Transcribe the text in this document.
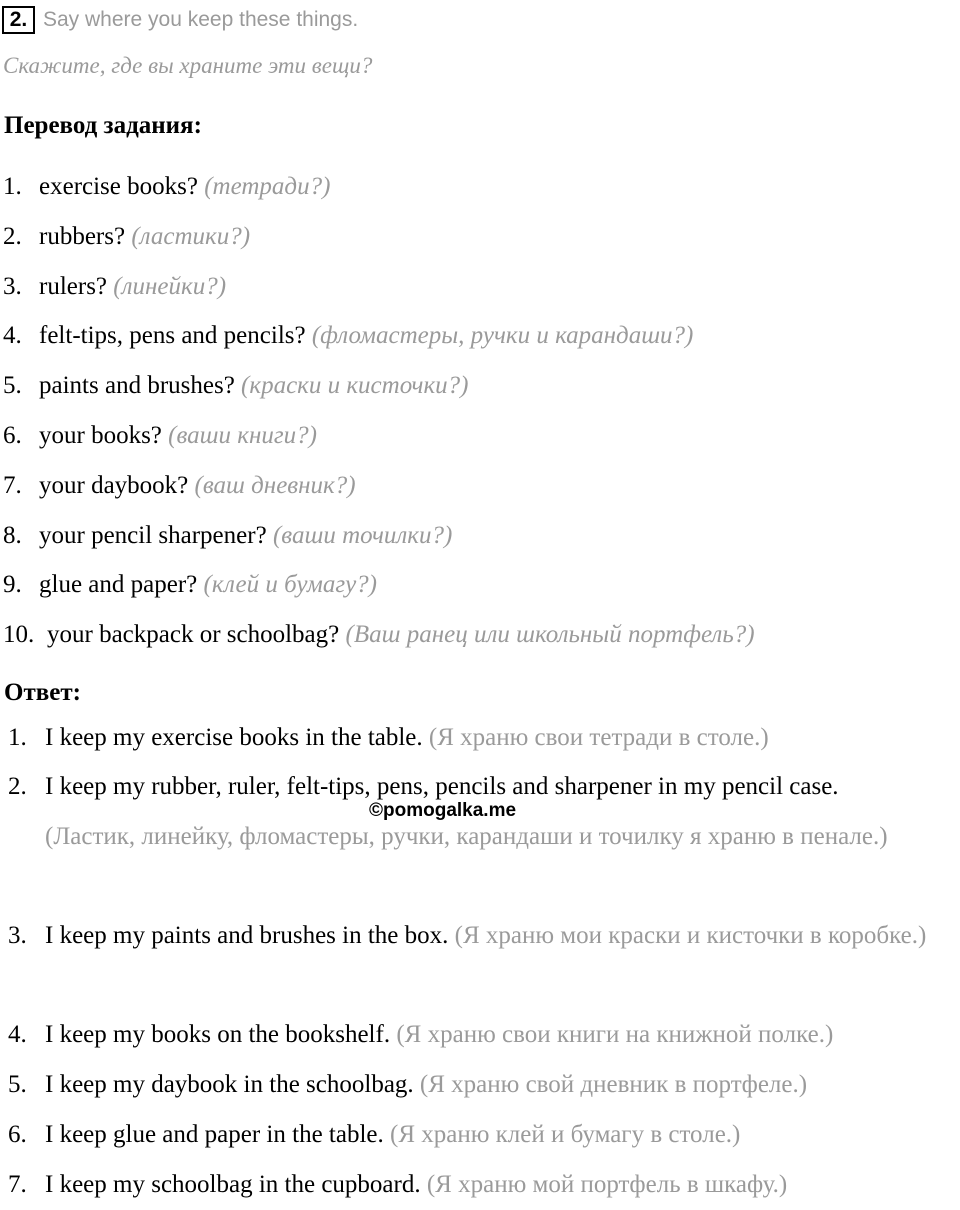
2. Say where you keep these things.
Скажите, где вы храните эти вещи?
Перевод задания:
1. exercise books? (тетради?)
2. rubbers? (ластики?)
3. rulers? (линейки?)
4. felt-tips, pens and pencils? (фломастеры, ручки и карандаши?)
5. paints and brushes? (краски и кисточки?)
6. your books? (ваши книги?)
7. your daybook? (ваш дневник?)
8. your pencil sharpener? (ваши точилки?)
9. glue and paper? (клей и бумагу?)
10. your backpack or schoolbag? (Ваш ранец или школьный портфель?)
Ответ:
1. I keep my exercise books in the table. (Я храню свои тетради в столе.)
2. I keep my rubber, ruler, felt-tips, pens, pencils and sharpener in my pencil case.
(Ластик, линейку, фломастеры, ручки, карандаши и точилку я храню в пенале.)
3. I keep my paints and brushes in the box. (Я храню мои краски и кисточки в коробке.)
4. I keep my books on the bookshelf. (Я храню свои книги на книжной полке.)
5. I keep my daybook in the schoolbag. (Я храню свой дневник в портфеле.)
6. I keep glue and paper in the table. (Я храню клей и бумагу в столе.)
7. I keep my schoolbag in the cupboard. (Я храню мой портфель в шкафу.)
©pomogalka.me
